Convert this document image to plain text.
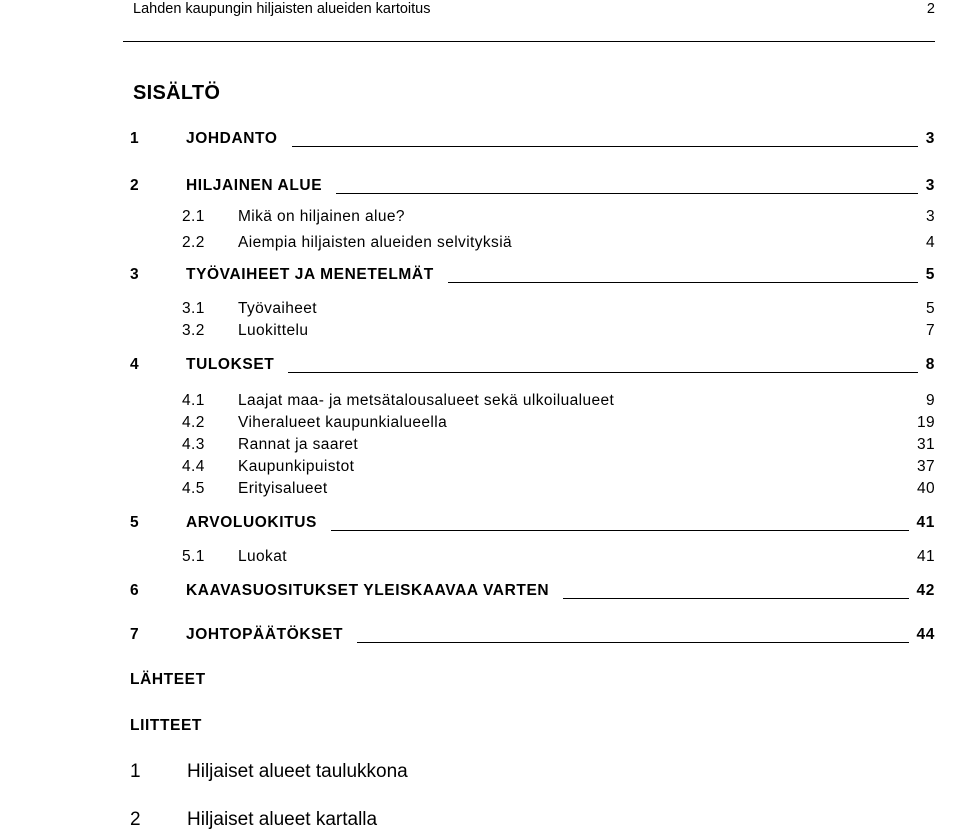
Lahden kaupungin hiljaisten alueiden kartoitus	2
SISÄLTÖ
1	JOHDANTO	3
2	HILJAINEN ALUE	3
2.1	Mikä on hiljainen alue?	3
2.2	Aiempia hiljaisten alueiden selvityksiä	4
3	TYÖVAIHEET JA MENETELMÄT	5
3.1	Työvaiheet	5
3.2	Luokittelu	7
4	TULOKSET	8
4.1	Laajat maa- ja metsätalousalueet sekä ulkoilualueet	9
4.2	Viheralueet kaupunkialueella	19
4.3	Rannat ja saaret	31
4.4	Kaupunkipuistot	37
4.5	Erityisalueet	40
5	ARVOLUOKITUS	41
5.1	Luokat	41
6	KAAVASUOSITUKSET YLEISKAAVAA VARTEN	42
7	JOHTOPÄÄTÖKSET	44
LÄHTEET
LIITTEET
1	Hiljaiset alueet taulukkona
2	Hiljaiset alueet kartalla
